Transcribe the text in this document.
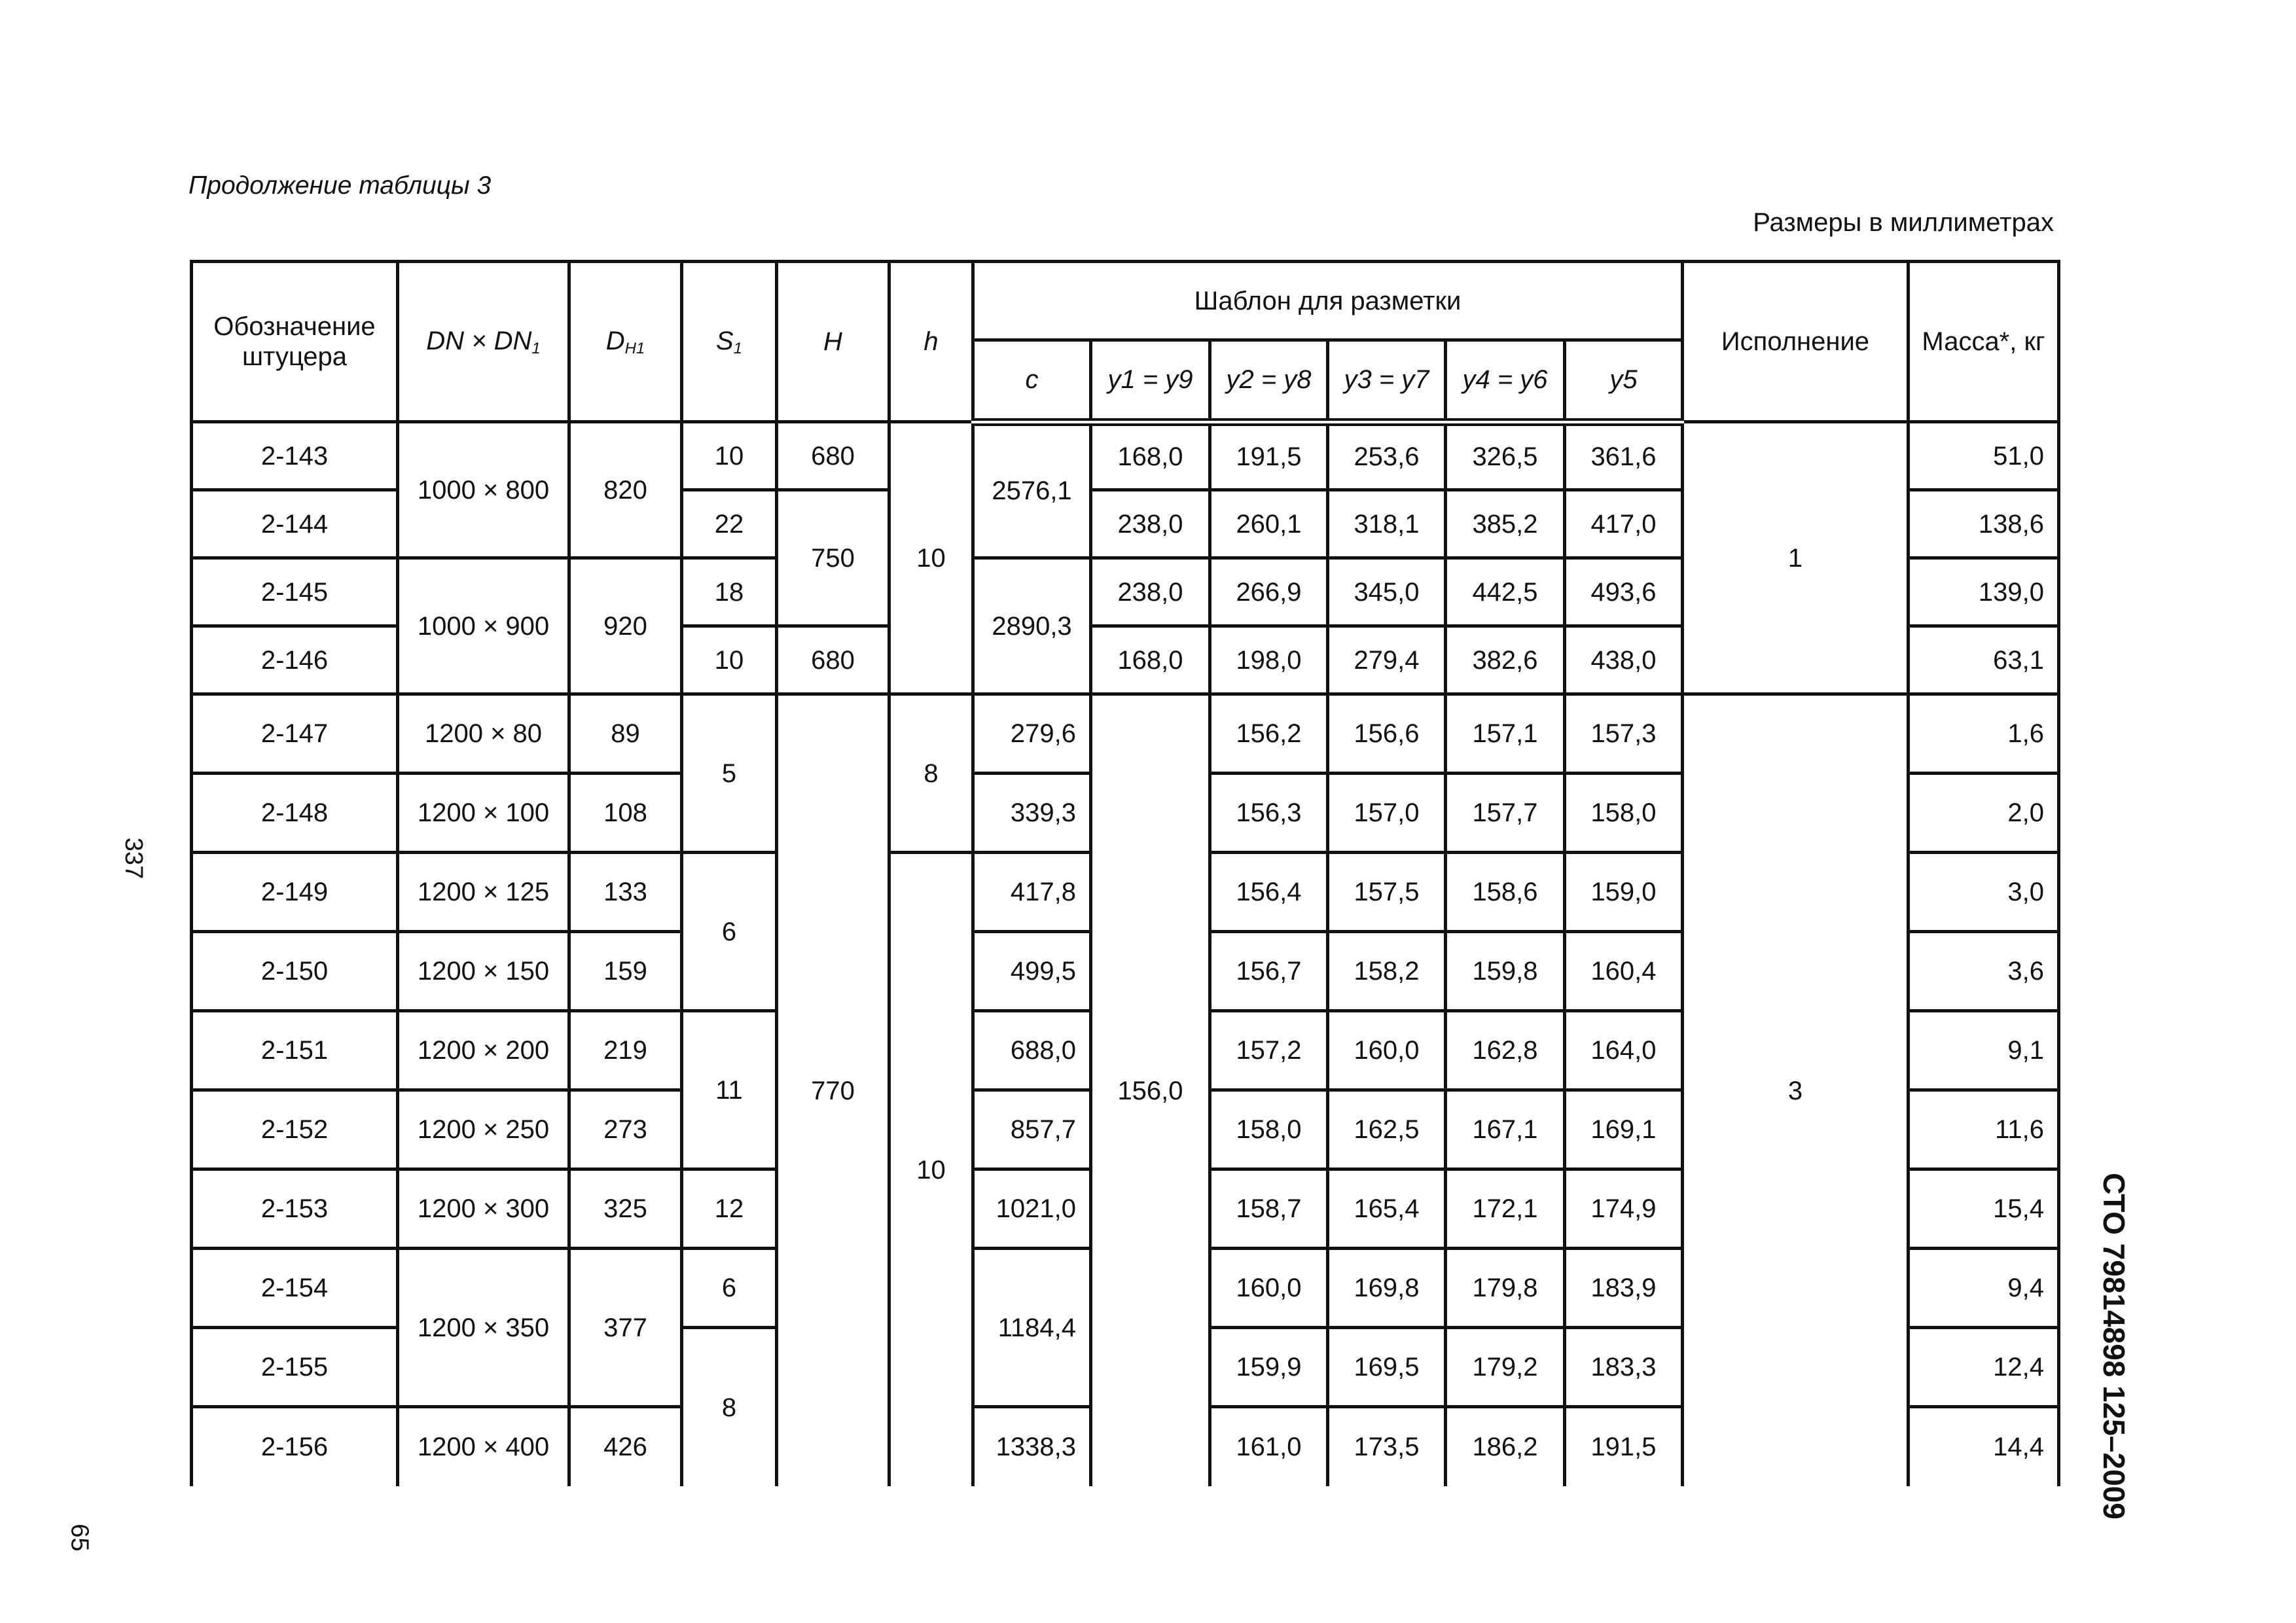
Продолжение таблицы 3
Размеры в миллиметрах
337
65
СТО 79814898 125–2009
Обозначение штуцера	DN × $DN_1$	$D_{H1}$	$S_1$	H	h	Шаблон для разметки						Исполнение	Масса*, кг
						c	y1 = y9	y2 = y8	y3 = y7	y4 = y6	y5		
2-143	1000 × 800	820	10	680	10	2576,1	168,0	191,5	253,6	326,5	361,6	1	51,0
2-144			22	750			238,0	260,1	318,1	385,2	417,0		138,6
2-145	1000 × 900	920	18			2890,3	238,0	266,9	345,0	442,5	493,6		139,0
2-146			10	680			168,0	198,0	279,4	382,6	438,0		63,1
2-147	1200 × 80	89	5	770	8	279,6	156,0	156,2	156,6	157,1	157,3	3	1,6
2-148	1200 × 100	108				339,3		156,3	157,0	157,7	158,0		2,0
2-149	1200 × 125	133	6		10	417,8		156,4	157,5	158,6	159,0		3,0
2-150	1200 × 150	159				499,5		156,7	158,2	159,8	160,4		3,6
2-151	1200 × 200	219	11			688,0		157,2	160,0	162,8	164,0		9,1
2-152	1200 × 250	273				857,7		158,0	162,5	167,1	169,1		11,6
2-153	1200 × 300	325	12			1021,0		158,7	165,4	172,1	174,9		15,4
2-154	1200 × 350	377	6			1184,4		160,0	169,8	179,8	183,9		9,4
2-155			8					159,9	169,5	179,2	183,3		12,4
2-156	1200 × 400	426				1338,3		161,0	173,5	186,2	191,5		14,4
